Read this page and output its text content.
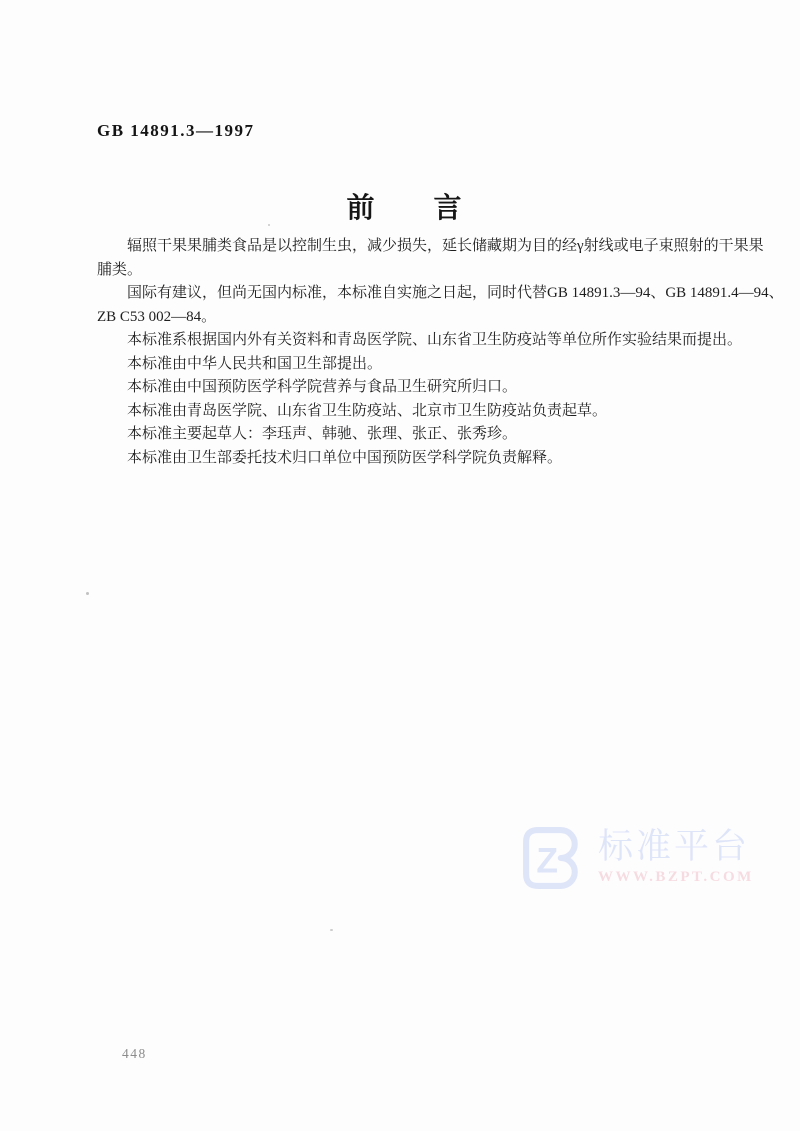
GB 14891.3—1997
前 言
辐照干果果脯类食品是以控制生虫，减少损失，延长储藏期为目的经γ射线或电子束照射的干果果
脯类。
国际有建议，但尚无国内标准，本标准自实施之日起，同时代替GB 14891.3—94、GB 14891.4—94、
ZB C53 002—84。
本标准系根据国内外有关资料和青岛医学院、山东省卫生防疫站等单位所作实验结果而提出。
本标准由中华人民共和国卫生部提出。
本标准由中国预防医学科学院营养与食品卫生研究所归口。
本标准由青岛医学院、山东省卫生防疫站、北京市卫生防疫站负责起草。
本标准主要起草人：李珏声、韩驰、张理、张正、张秀珍。
本标准由卫生部委托技术归口单位中国预防医学科学院负责解释。
Z 标准平台
WWW.BZPT.COM
448
